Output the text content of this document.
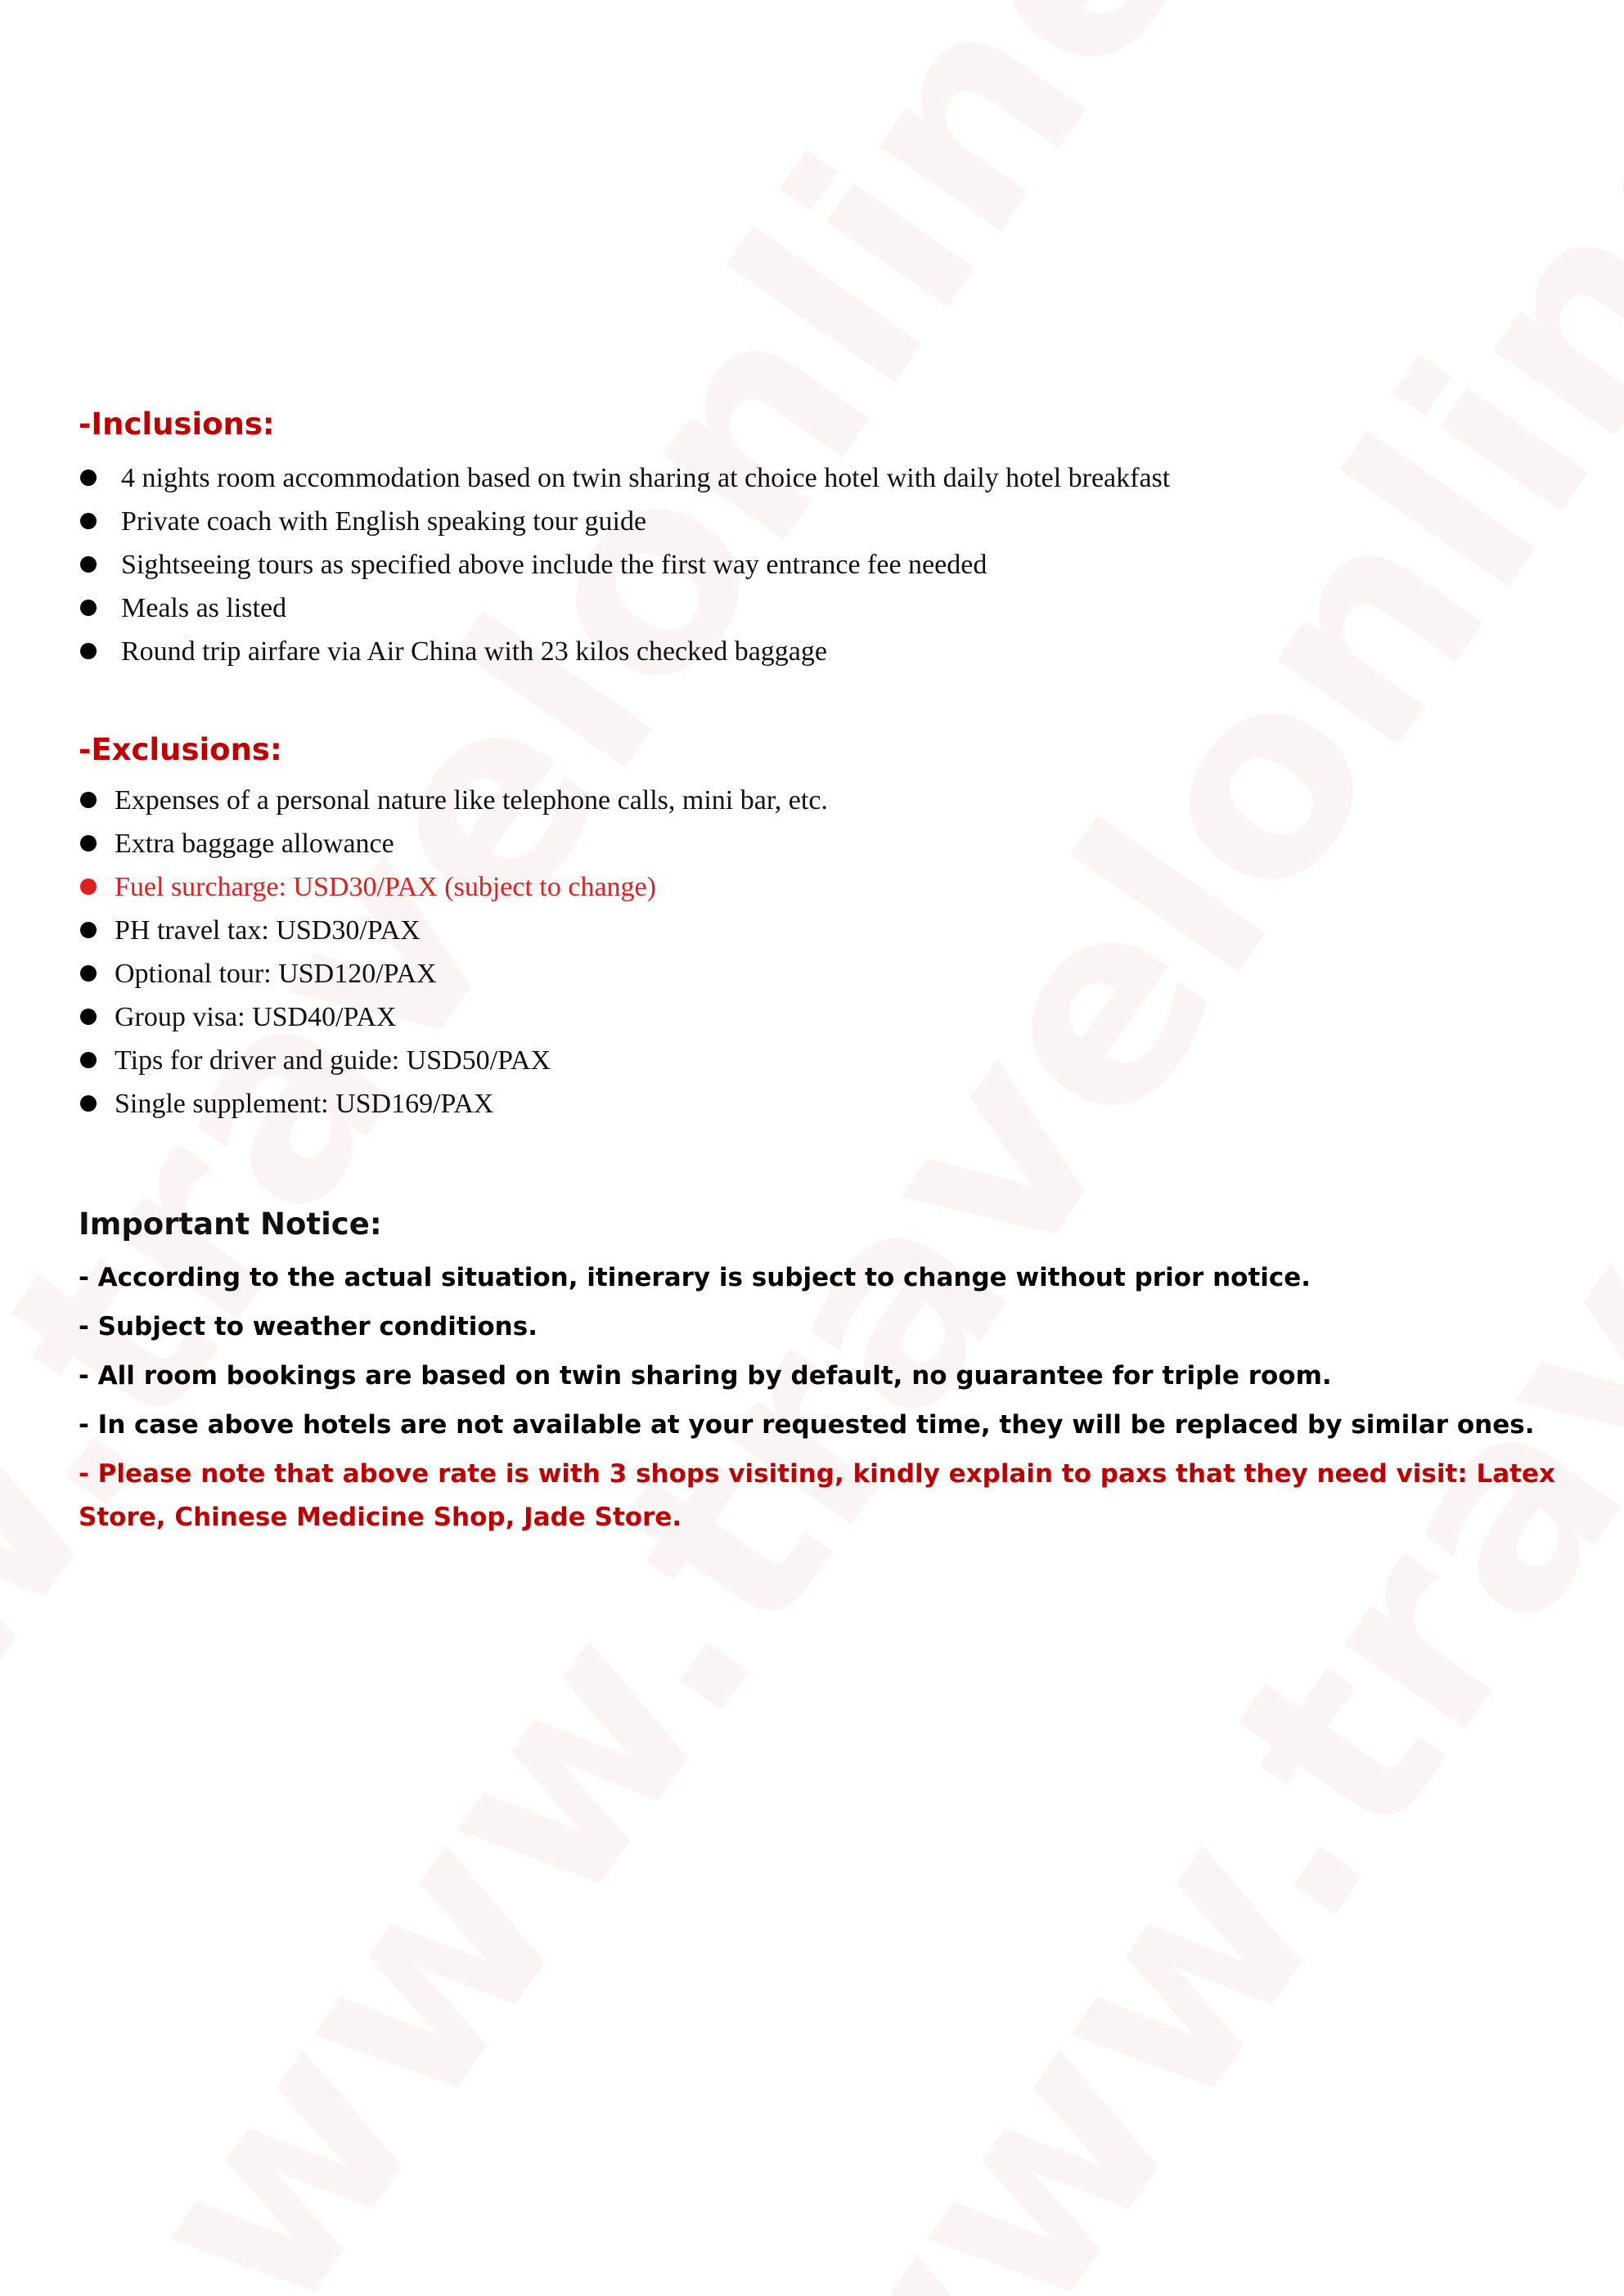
-Inclusions:
4 nights room accommodation based on twin sharing at choice hotel with daily hotel breakfast
Private coach with English speaking tour guide
Sightseeing tours as specified above include the first way entrance fee needed
Meals as listed
Round trip airfare via Air China with 23 kilos checked baggage
-Exclusions:
Expenses of a personal nature like telephone calls, mini bar, etc.
Extra baggage allowance
Fuel surcharge: USD30/PAX (subject to change)
PH travel tax: USD30/PAX
Optional tour: USD120/PAX
Group visa: USD40/PAX
Tips for driver and guide: USD50/PAX
Single supplement: USD169/PAX
Important Notice:
- According to the actual situation, itinerary is subject to change without prior notice.
- Subject to weather conditions.
- All room bookings are based on twin sharing by default, no guarantee for triple room.
- In case above hotels are not available at your requested time, they will be replaced by similar ones.
- Please note that above rate is with 3 shops visiting, kindly explain to paxs that they need visit: Latex Store, Chinese Medicine Shop, Jade Store.
